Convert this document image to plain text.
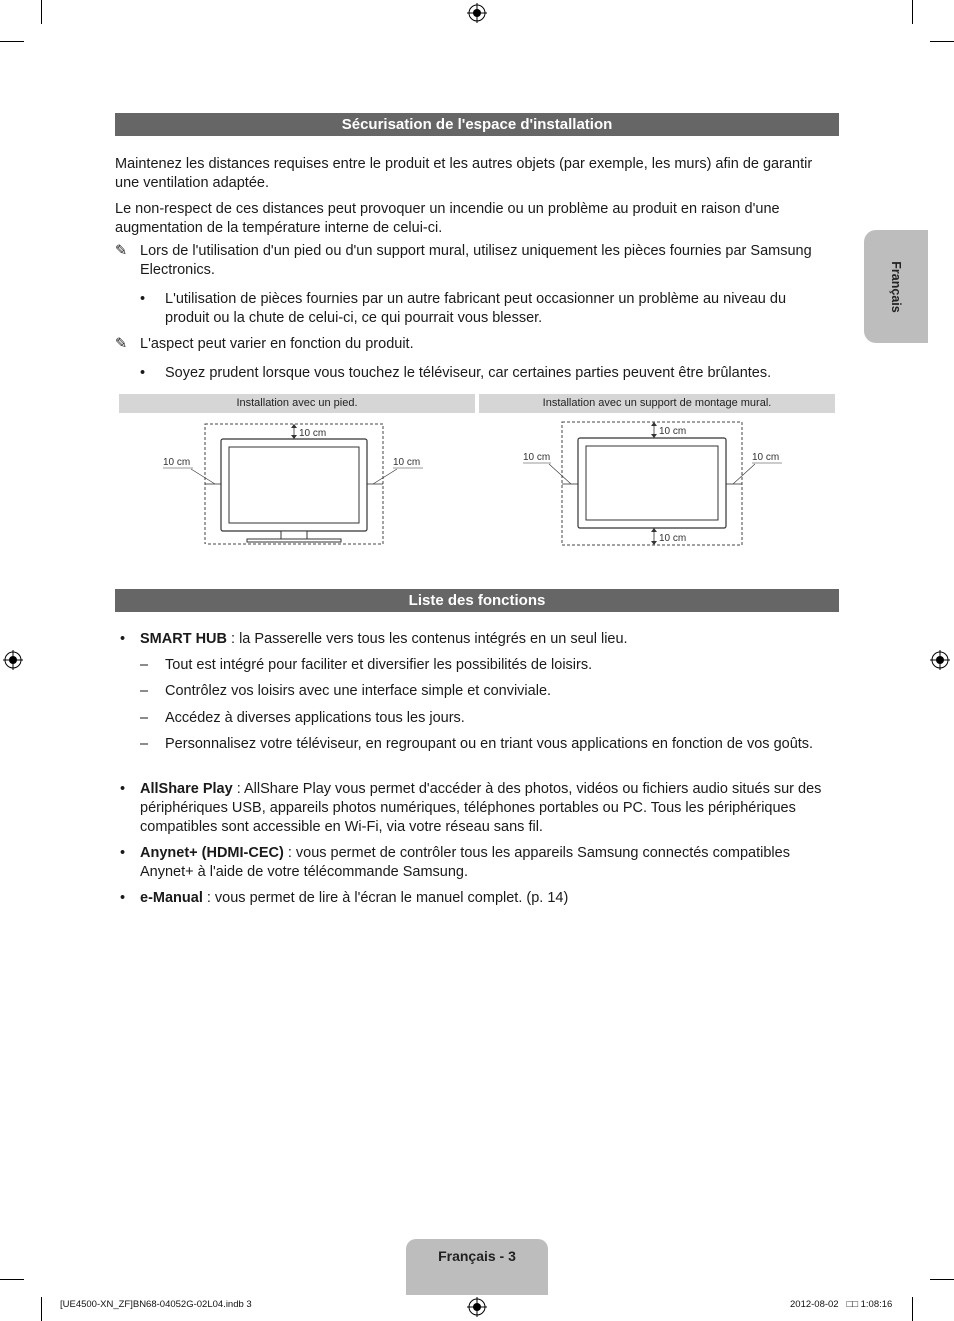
Français
Sécurisation de l'espace d'installation

Maintenez les distances requises entre le produit et les autres objets (par exemple, les murs) afin de garantir une ventilation adaptée.

Le non-respect de ces distances peut provoquer un incendie ou un problème au produit en raison d'une augmentation de la température interne de celui-ci.

✎ Lors de l'utilisation d'un pied ou d'un support mural, utilisez uniquement les pièces fournies par Samsung Electronics.
• L'utilisation de pièces fournies par un autre fabricant peut occasionner un problème au niveau du produit ou la chute de celui-ci, ce qui pourrait vous blesser.
✎ L'aspect peut varier en fonction du produit.
• Soyez prudent lorsque vous touchez le téléviseur, car certaines parties peuvent être brûlantes.
Installation avec un pied.	Installation avec un support de montage mural.
10 cm
10 cm	10 cm
10 cm
10 cm
10 cm	10 cm
Liste des fonctions
• SMART HUB : la Passerelle vers tous les contenus intégrés en un seul lieu.
– Tout est intégré pour faciliter et diversifier les possibilités de loisirs.
– Contrôlez vos loisirs avec une interface simple et conviviale.
– Accédez à diverses applications tous les jours.
– Personnalisez votre téléviseur, en regroupant ou en triant vous applications en fonction de vos goûts.
• AllShare Play : AllShare Play vous permet d'accéder à des photos, vidéos ou fichiers audio situés sur des périphériques USB, appareils photos numériques, téléphones portables ou PC. Tous les périphériques compatibles sont accessible en Wi-Fi, via votre réseau sans fil.
• Anynet+ (HDMI-CEC) : vous permet de contrôler tous les appareils Samsung connectés compatibles Anynet+ à l'aide de votre télécommande Samsung.
• e-Manual : vous permet de lire à l'écran le manuel complet. (p. 14)
Français - 3
[UE4500-XN_ZF]BN68-04052G-02L04.indb 3	2012-08-02   □□ 1:08:16
